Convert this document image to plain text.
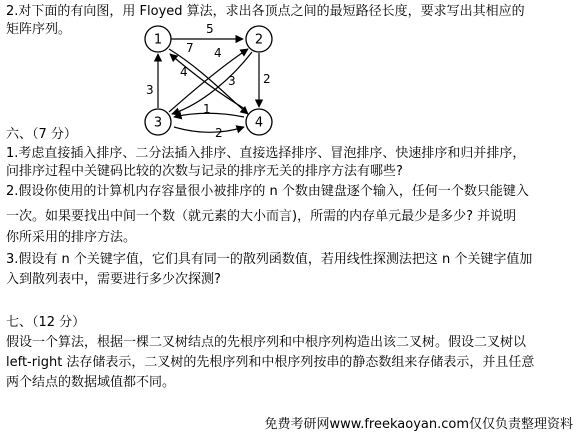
2.对下面的有向图，用 Floyed 算法，求出各顶点之间的最短路径长度，要求写出其相应的
矩阵序列。	5
2
3
7
4
4
3
1
2
1	2
3	4
六、（7 分）
1.考虑直接插入排序、二分法插入排序、直接选择排序、冒泡排序、快速排序和归并排序，
问排序过程中关键码比较的次数与记录的排序无关的排序方法有哪些?
2.假设你使用的计算机内存容量很小被排序的 n 个数由键盘逐个输入，任何一个数只能键入
一次。如果要找出中间一个数（就元素的大小而言)，所需的内存单元最少是多少? 并说明
你所采用的排序方法。
3.假设有 n 个关键字值，它们具有同一的散列函数值，若用线性探测法把这 n 个关键字值加
入到散列表中，需要进行多少次探测?
七、（12 分）
假设一个算法，根据一棵二叉树结点的先根序列和中根序列构造出该二叉树。假设二叉树以
left-right 法存储表示，二叉树的先根序列和中根序列按串的静态数组来存储表示，并且任意
两个结点的数据域值都不同。
免费考研网www.freekaoyan.com仅仅负责整理资料
